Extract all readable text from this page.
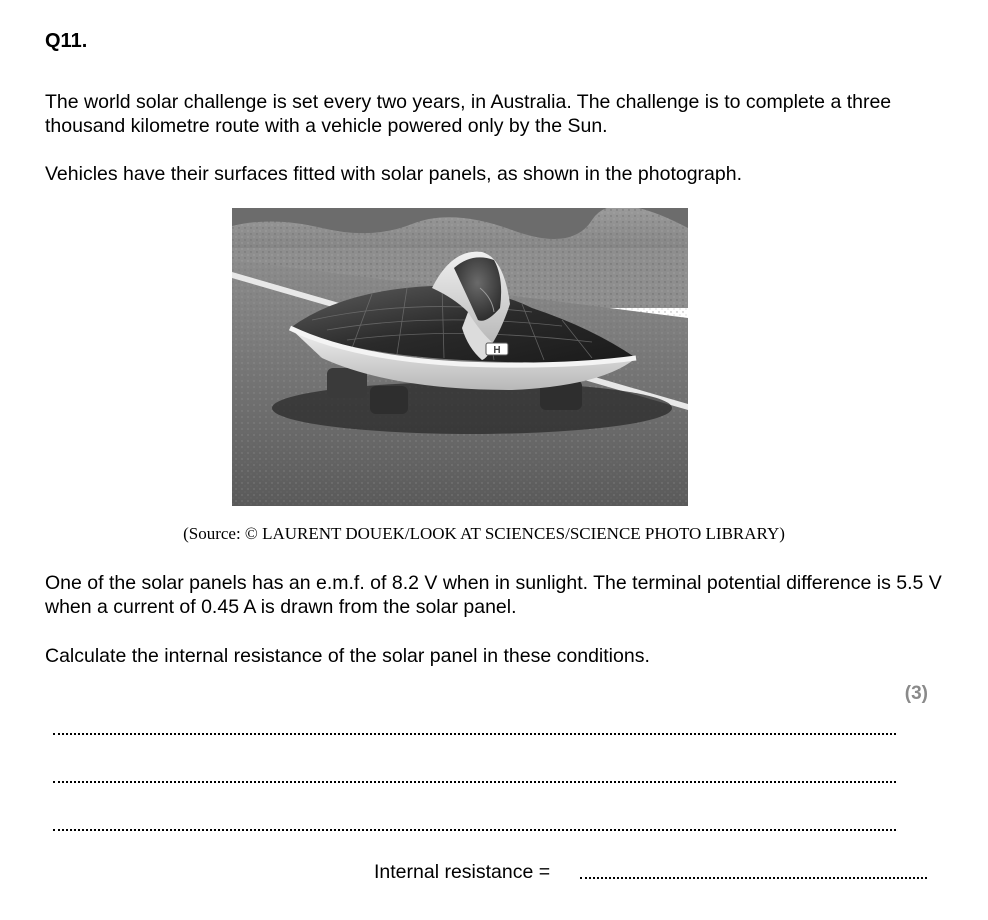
Q11.

The world solar challenge is set every two years, in Australia. The challenge is to complete a three thousand kilometre route with a vehicle powered only by the Sun.

Vehicles have their surfaces fitted with solar panels, as shown in the photograph.

H
(Source: © LAURENT DOUEK/LOOK AT SCIENCES/SCIENCE PHOTO LIBRARY)

One of the solar panels has an e.m.f. of 8.2 V when in sunlight. The terminal potential difference is 5.5 V when a current of 0.45 A is drawn from the solar panel.

Calculate the internal resistance of the solar panel in these conditions.

(3)
Internal resistance =
